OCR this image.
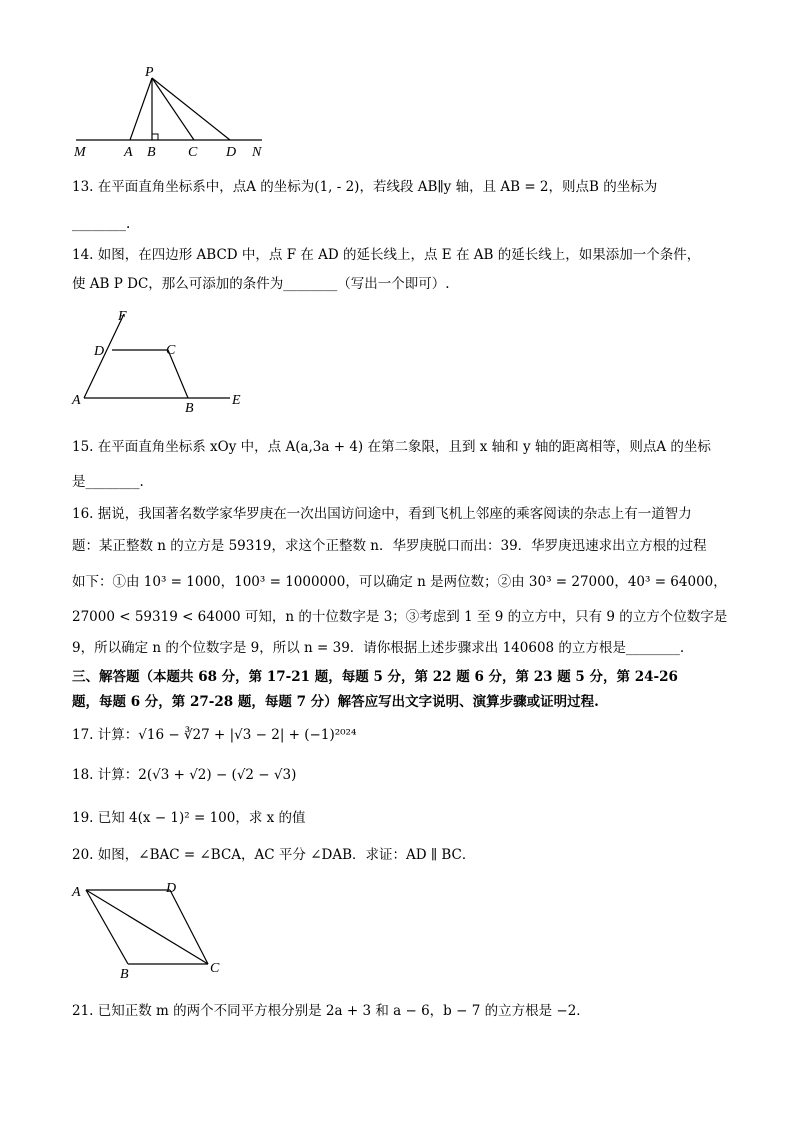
P
M	A B C D N
13. 在平面直角坐标系中，点A 的坐标为(1, - 2)，若线段 AB∥y 轴，且 AB = 2，则点B 的坐标为
________.
14. 如图，在四边形 ABCD 中，点 F 在 AD 的延长线上，点 E 在 AB 的延长线上，如果添加一个条件，
使 AB P DC，那么可添加的条件为________（写出一个即可）.
F
D	C
A
B
E
15. 在平面直角坐标系 xOy 中，点 A(a,3a + 4) 在第二象限，且到 x 轴和 y 轴的距离相等，则点A 的坐标
是________.
16. 据说，我国著名数学家华罗庚在一次出国访问途中，看到飞机上邻座的乘客阅读的杂志上有一道智力
题：某正整数 n 的立方是 59319，求这个正整数 n．华罗庚脱口而出：39．华罗庚迅速求出立方根的过程
如下：①由 10³ = 1000，100³ = 1000000，可以确定 n 是两位数；②由 30³ = 27000，40³ = 64000，
27000 < 59319 < 64000 可知，n 的十位数字是 3；③考虑到 1 至 9 的立方中，只有 9 的立方个位数字是
9，所以确定 n 的个位数字是 9，所以 n = 39．请你根据上述步骤求出 140608 的立方根是________.
三、解答题（本题共 68 分，第 17-21 题，每题 5 分，第 22 题 6 分，第 23 题 5 分，第 24-26
题，每题 6 分，第 27-28 题，每题 7 分）解答应写出文字说明、演算步骤或证明过程.
17. 计算：√16 − ∛27 + |√3 − 2| + (−1)²⁰²⁴
18. 计算：2(√3 + √2) − (√2 − √3)
19. 已知 4(x − 1)² = 100，求 x 的值
20. 如图，∠BAC = ∠BCA，AC 平分 ∠DAB．求证：AD ∥ BC．
A	D
B	C
21. 已知正数 m 的两个不同平方根分别是 2a + 3 和 a − 6，b − 7 的立方根是 −2．
